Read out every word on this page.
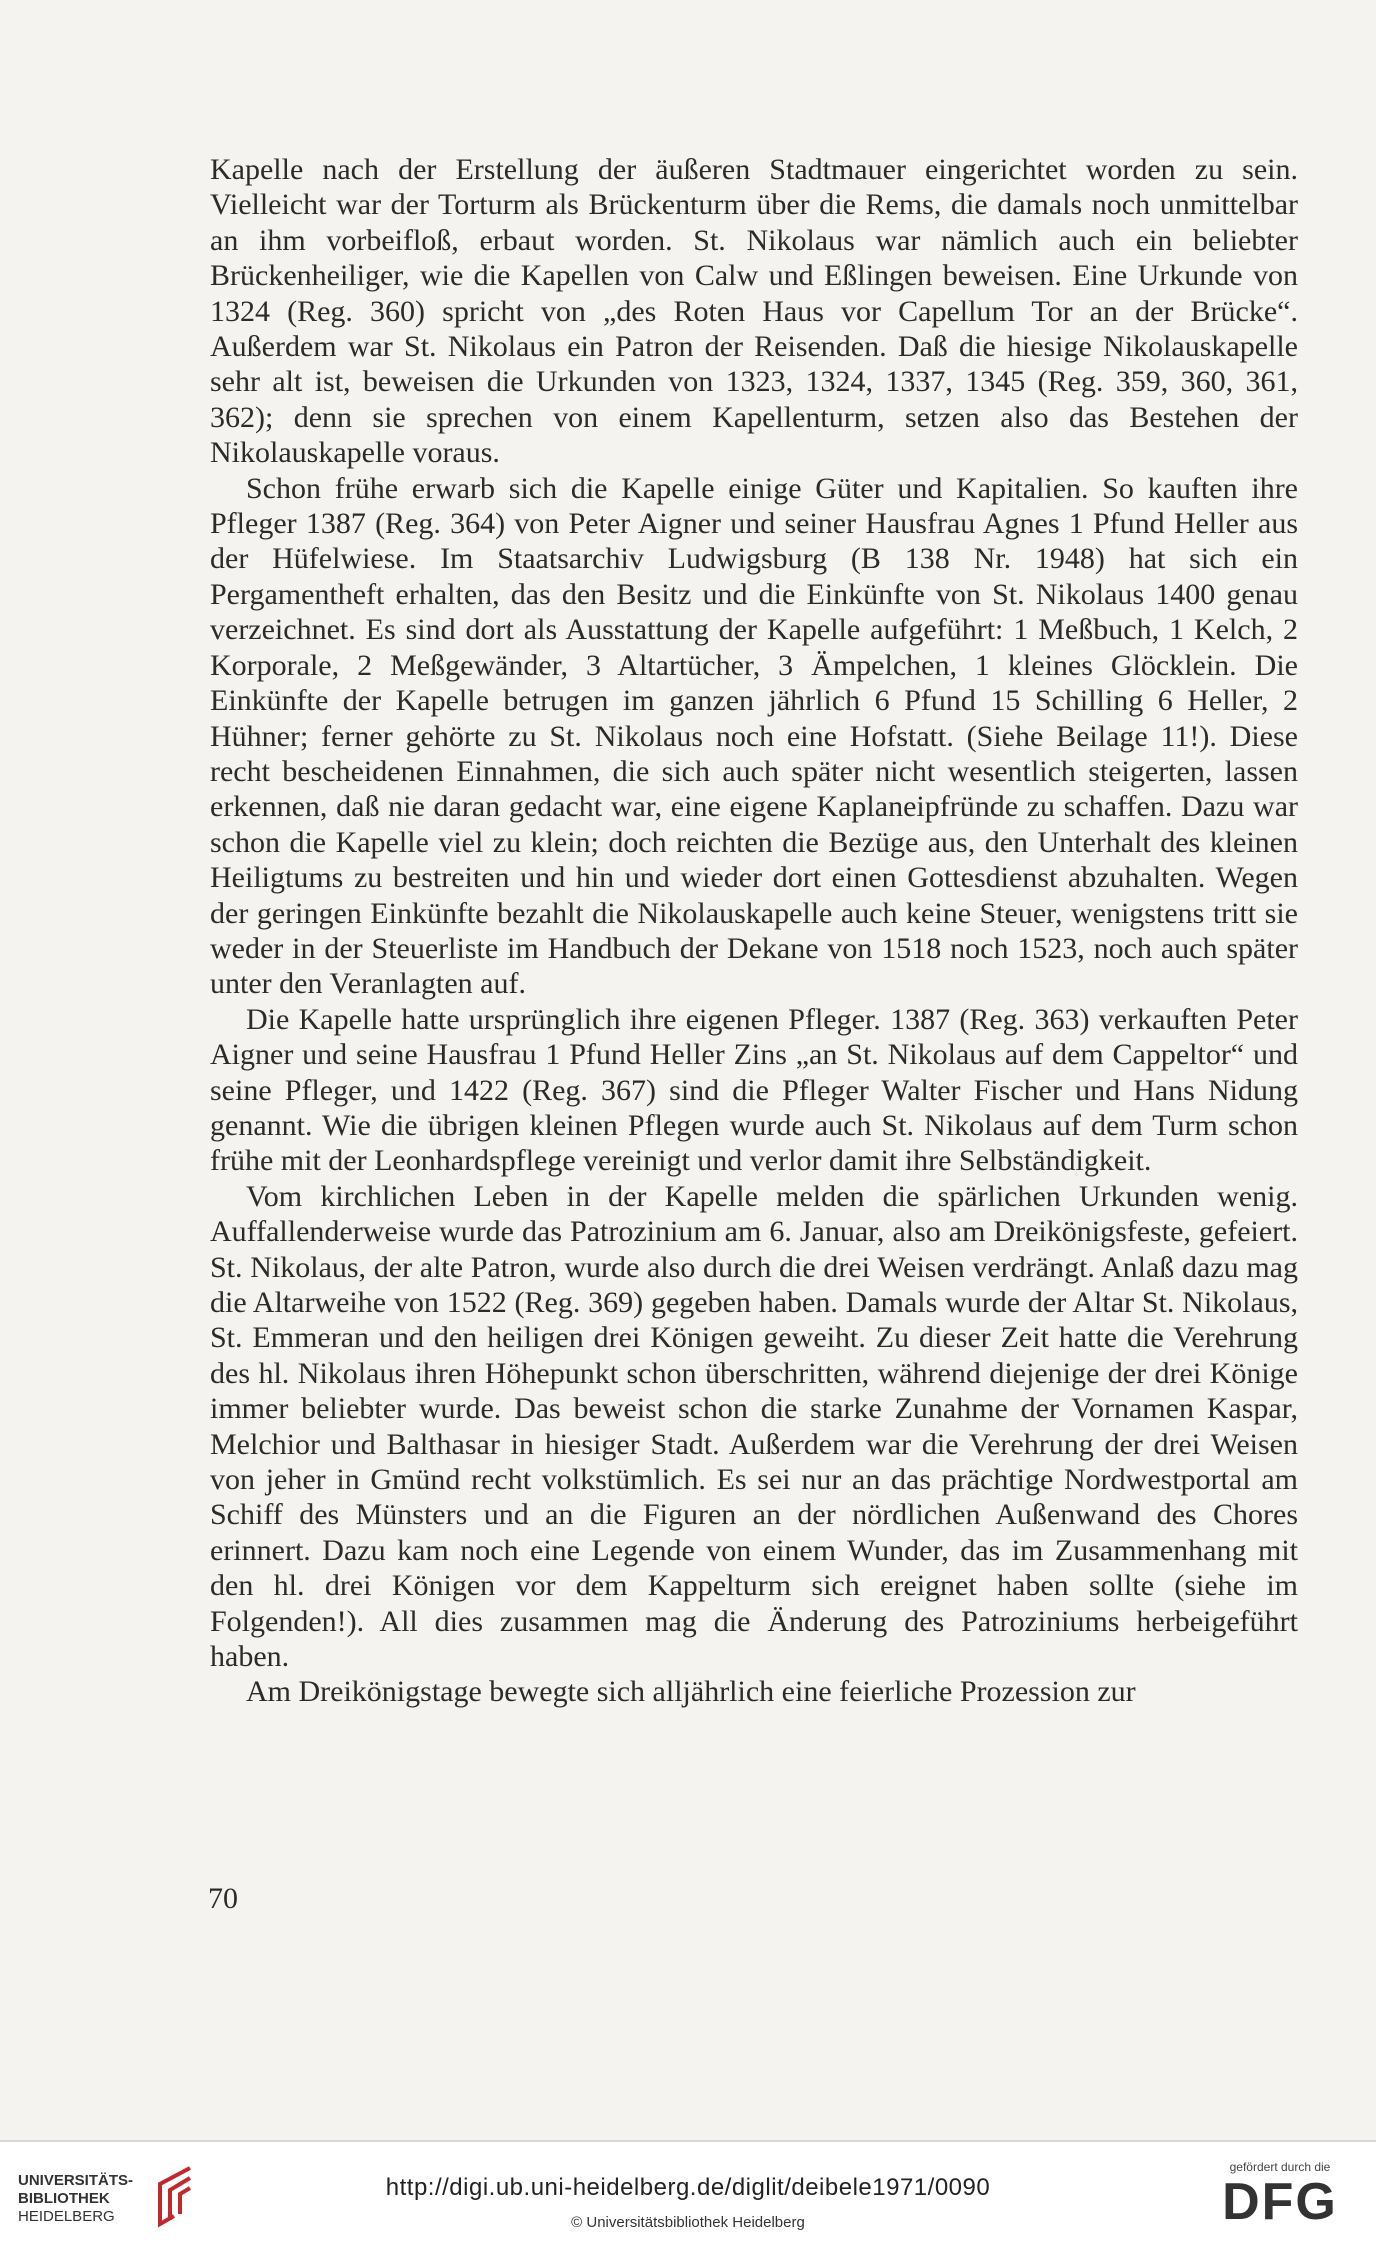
Kapelle nach der Erstellung der äußeren Stadtmauer eingerichtet worden zu sein. Vielleicht war der Torturm als Brückenturm über die Rems, die damals noch unmittelbar an ihm vorbeifloß, erbaut worden. St. Nikolaus war nämlich auch ein beliebter Brückenheiliger, wie die Kapellen von Calw und Eßlingen beweisen. Eine Urkunde von 1324 (Reg. 360) spricht von „des Roten Haus vor Capellum Tor an der Brücke“. Außerdem war St. Nikolaus ein Patron der Reisenden. Daß die hiesige Nikolauskapelle sehr alt ist, beweisen die Urkunden von 1323, 1324, 1337, 1345 (Reg. 359, 360, 361, 362); denn sie sprechen von einem Kapellenturm, setzen also das Bestehen der Nikolauskapelle voraus.

Schon frühe erwarb sich die Kapelle einige Güter und Kapitalien. So kauften ihre Pfleger 1387 (Reg. 364) von Peter Aigner und seiner Hausfrau Agnes 1 Pfund Heller aus der Hüfelwiese. Im Staatsarchiv Ludwigsburg (B 138 Nr. 1948) hat sich ein Pergamentheft erhalten, das den Besitz und die Einkünfte von St. Nikolaus 1400 genau verzeichnet. Es sind dort als Ausstattung der Kapelle aufgeführt: 1 Meßbuch, 1 Kelch, 2 Korporale, 2 Meßgewänder, 3 Altartücher, 3 Ämpelchen, 1 kleines Glöcklein. Die Einkünfte der Kapelle betrugen im ganzen jährlich 6 Pfund 15 Schilling 6 Heller, 2 Hühner; ferner gehörte zu St. Nikolaus noch eine Hofstatt. (Siehe Beilage 11!). Diese recht bescheidenen Einnahmen, die sich auch später nicht wesentlich steigerten, lassen erkennen, daß nie daran gedacht war, eine eigene Kaplaneipfründe zu schaffen. Dazu war schon die Kapelle viel zu klein; doch reichten die Bezüge aus, den Unterhalt des kleinen Heiligtums zu bestreiten und hin und wieder dort einen Gottesdienst abzuhalten. Wegen der geringen Einkünfte bezahlt die Nikolauskapelle auch keine Steuer, wenigstens tritt sie weder in der Steuerliste im Handbuch der Dekane von 1518 noch 1523, noch auch später unter den Veranlagten auf.

Die Kapelle hatte ursprünglich ihre eigenen Pfleger. 1387 (Reg. 363) verkauften Peter Aigner und seine Hausfrau 1 Pfund Heller Zins „an St. Nikolaus auf dem Cappeltor“ und seine Pfleger, und 1422 (Reg. 367) sind die Pfleger Walter Fischer und Hans Nidung genannt. Wie die übrigen kleinen Pflegen wurde auch St. Nikolaus auf dem Turm schon frühe mit der Leonhardspflege vereinigt und verlor damit ihre Selbständigkeit.

Vom kirchlichen Leben in der Kapelle melden die spärlichen Urkunden wenig. Auffallenderweise wurde das Patrozinium am 6. Januar, also am Dreikönigsfeste, gefeiert. St. Nikolaus, der alte Patron, wurde also durch die drei Weisen verdrängt. Anlaß dazu mag die Altarweihe von 1522 (Reg. 369) gegeben haben. Damals wurde der Altar St. Nikolaus, St. Emmeran und den heiligen drei Königen geweiht. Zu dieser Zeit hatte die Verehrung des hl. Nikolaus ihren Höhepunkt schon überschritten, während diejenige der drei Könige immer beliebter wurde. Das beweist schon die starke Zunahme der Vornamen Kaspar, Melchior und Balthasar in hiesiger Stadt. Außerdem war die Verehrung der drei Weisen von jeher in Gmünd recht volkstümlich. Es sei nur an das prächtige Nordwestportal am Schiff des Münsters und an die Figuren an der nördlichen Außenwand des Chores erinnert. Dazu kam noch eine Legende von einem Wunder, das im Zusammenhang mit den hl. drei Königen vor dem Kappelturm sich ereignet haben sollte (siehe im Folgenden!). All dies zusammen mag die Änderung des Patroziniums herbeigeführt haben.

Am Dreikönigstage bewegte sich alljährlich eine feierliche Prozession zur

70
UNIVERSITÄTS-
BIBLIOTHEK
HEIDELBERG
http://digi.ub.uni-heidelberg.de/diglit/deibele1971/0090
© Universitätsbibliothek Heidelberg
gefördert durch die
DFG
